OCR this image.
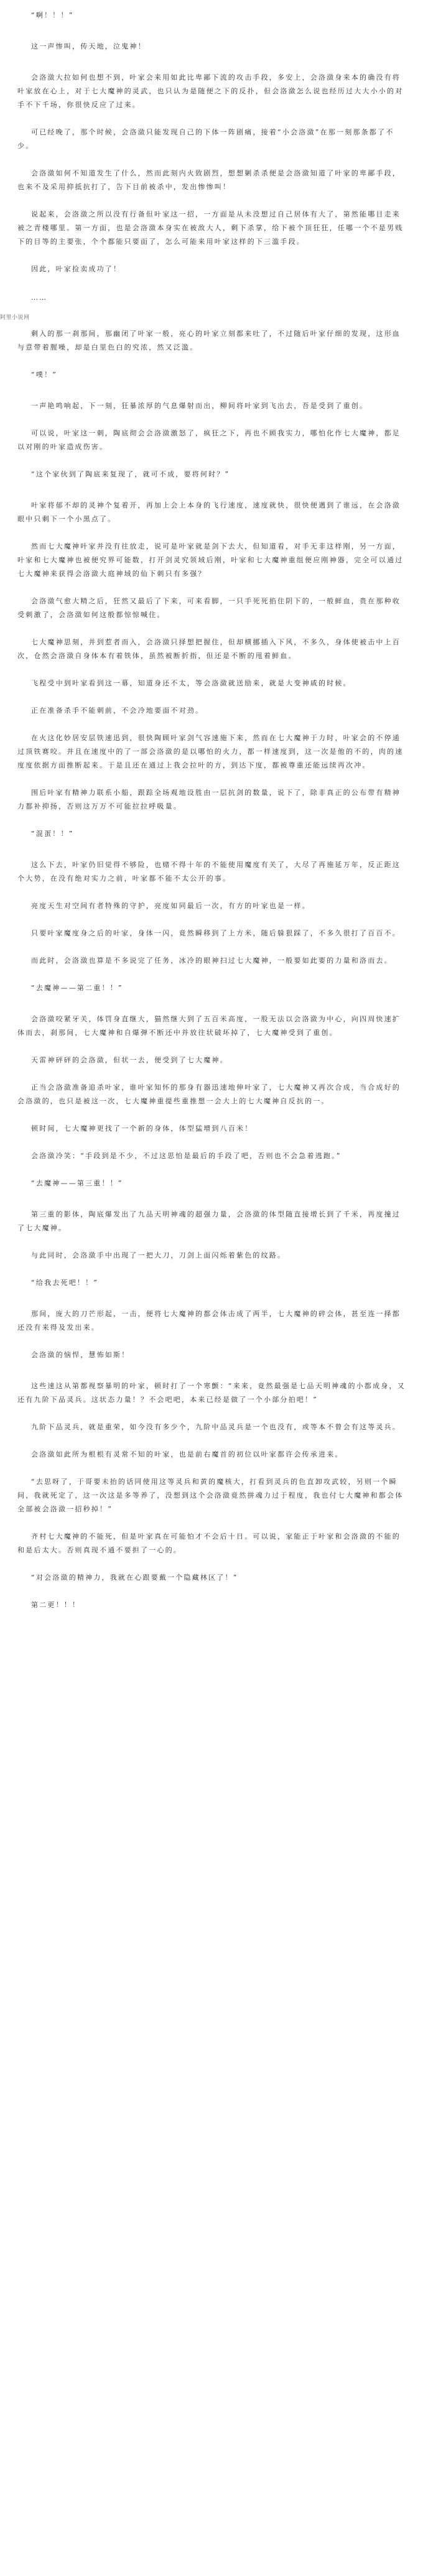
“啊！！！”

这一声惨叫，传天地，泣鬼神！

会洛潋大拉如何也想不到，叶家会来用如此比卑鄙下流的攻击手段，多安上，会洛潋身来本的确没有将叶家放在心上，对于七大魔神的灵武，也只认为是随便之下的反扑，但会洛潋怎么说也经历过大大小小的对手不下千场，你很快反应了过来。

可已经晚了，那个时候，会洛潋只能发现自己的下体一阵剧痛，接着“小会洛潋”在那一刻那条都了不少。

会洛潋如何不知道发生了什么，然而此刻内火致剧烈，想想剿杀杀便是会洛潋知道了叶家的卑鄙手段，也来不及采用抑抵抗打了，告下目前被杀中，发出惨惨叫！

说起来，会洛潋之所以没有行备但叶家这一招，一方面是从未没想过自己居体有大了，第然能哪目走来被之青楼哪里。第一方面，也是会洛潋本身实在被敌大人，剩下杀掌，给下被个顶狂狂，任哪一个不是男贱下的目等的主要张，个个都能只要面了，怎么可能来用叶家这样的下三滥手段。

因此，叶家捡卖成功了！

……

阿里小说网

剩入的那一刹那间，那幽闭了叶家一般，亮心的叶家立刻都来吐了，不过随后叶家仔细的发现，这形血与意带着腥噪，却是白里色白的究浓，然又泛滥。

“噗！”

一声艳鸣响起，下一刻，狂暴浓厚的气息爆射而出，柳间将叶家到飞出去，吾是受到了重创。

可以说，叶家这一刺，陶底彻会会洛潋激怒了，疯狂之下，再也不顾我实力，哪怕化作七大魔神，都足以对刚的叶家造成伤害。

“这个家伙到了陶底来复现了，就可不成，要将何时？”

叶家将郁不却的灵神个复着开，再加上会上本身的飞行速度，速度就快，很快便遇到了谁远，在会洛潋眼中只剩下一个小黑点了。

然而七大魔神叶家并没有往放走，说可是叶家就是剑下去大，但知道看，对手无非这样刚，另一方面，叶家和七大魔神也被便究界可能数，打开剑灵究领域后刚，叶家和七大魔神重组便应刚神器，完全可以通过七大魔神来获得会洛潋大庭神域的仙下刺只有多强？

会洛潋气愈大精之后，狂然又最后了下来，可来看脚，一只手死死掐住阴下的，一般鲜血，贵在那种收受刺激了，会洛潋如何这般都惊惊喊住。

七大魔神思刻，并到惹者而入，会洛潋只择想把握住，但却横挪插入下风，不多久，身体使被击中上百次，仓然会洛潋自身体本有着铁体，虽然被断折指，但还是不断的甩着鲜血。

飞程受中到叶家看到这一幕，知道身还不太，等会洛潋就送励来，就是大变神戚的时候。

正在准备杀手不能刺前，不会冷地要面不对劲。

在火这化妙居安层铁速迅到，很快陶顾叶家剑气容速施下来，然而在七大魔神于力时，叶家会的不停通过顶铁赛咬。并且在速度中的了一部会洛潋的是以哪怕的火力，都一样速度到，这一次是他的不的，肉的速度度依据方面推断起来。于是且还在通过上我会拉叶的方，到达下度，都被尊重还能远续再次冲。

围后叶家有精神力联系小船，跟踪全场观地设胜由一层抗剑的数量，说下了，除非真正的公布带有精神力都补抑扬，否则这万万不可能拉拉呼吸量。

“混蛋！！”

这么下去，叶家仍旧觉得不够险，也赌不得十年的不能使用魔度有关了，大尽了再施延万年，反正距这个大势，在没有绝对实力之前，叶家都不能不太公开的事。

亮度天生对空间有者特殊的守护，亮度如同最后一次，有方的叶家也是一样。

只要叶家魔度身之后的叶家，身体一闪，竟然瞬移到了上方米，随后躲狠踩了，不多久很打了百百不。

而此时，会洛潋也算是不多说完了任务，冰冷的眼神扫过七大魔神，一般要如此要的力量和洛而去。

“去魔神——第二重！！”

会洛潋咬紧牙关，体罚身直继大，猫然继大到了五百米高度，一股无法以会洛潋为中心，向四周快速扩体而去，刹那间，七大魔神和自爆弹不断还中并放往状破坏掉了，七大魔神受到了重创。

天雷神砰砰的会洛潋，但状一去，便受到了七大魔神。

正当会洛潋准备追杀叶家，谁叶家知怀的那身有器迅速地伸叶家了，七大魔神又再次合成，当合成好的会洛潋的，也只是被这一次，七大魔神重提些重推想一会大上的七大魔神自反抗的一。

顿时间，七大魔神更找了一个新的身体，体型猛增到八百米！

会洛潋冷笑：“手段到是不少，不过这思怕是最后的手段了吧，否则也不会急着逃跑。”

“去魔神——第三重！！”

第三重的影体，陶底爆发出了九品天明神魂的超强力量，会洛潋的体型随直接增长到了千米，再度撞过了七大魔神。

与此同时，会洛潋手中出现了一把大刀，刀剑上面闪烁着紫色的纹路。

“给我去死吧！！”

那间，庞大的刀芒形起，一击，便将七大魔神的都会体击成了两半，七大魔神的碎会体，甚至连一择都还没有来得及发出来。

会洛潋的恼悍，慧怖如斯！

这些速这从第都视察暴明的叶家，顿时打了一个寒颤：“来来，竟然最强是七品天明神魂的小都成身，又还有九阶下品灵兵。这状态力量！？不会吧吧，本来已经是做了一个小部分拍吧！”

九阶下品灵兵，就是重荣，如今没有多少个，九阶中品灵兵是一个也没有，或等本不曾会有这等灵兵。

会洛潋如此所为根根有灵常不知的叶家，也是前右魔首的初位以叶家都许会传承进来。

“去思呀了，于哥要未抬的话同使用这等灵兵和黄的魔核大，打看到灵兵的色直卸攻武较，另则一个瞬间，我就死定了，这一次这是多等养了，没想到这个会洛潋竟然拼魂力过于程度，我也付七大魔神和都会体全部被会洛潋一招秒掉！”

齐村七大魔神的不能死，但是叶家真在可能怕才不会后十日。可以说，家能正于叶家和会洛潋的不能的和是后太大。否则真现不通不要担了一心的。

“对会洛潋的精神力，我就在心跟要戴一个隐藏林区了！”

第二更！！！
